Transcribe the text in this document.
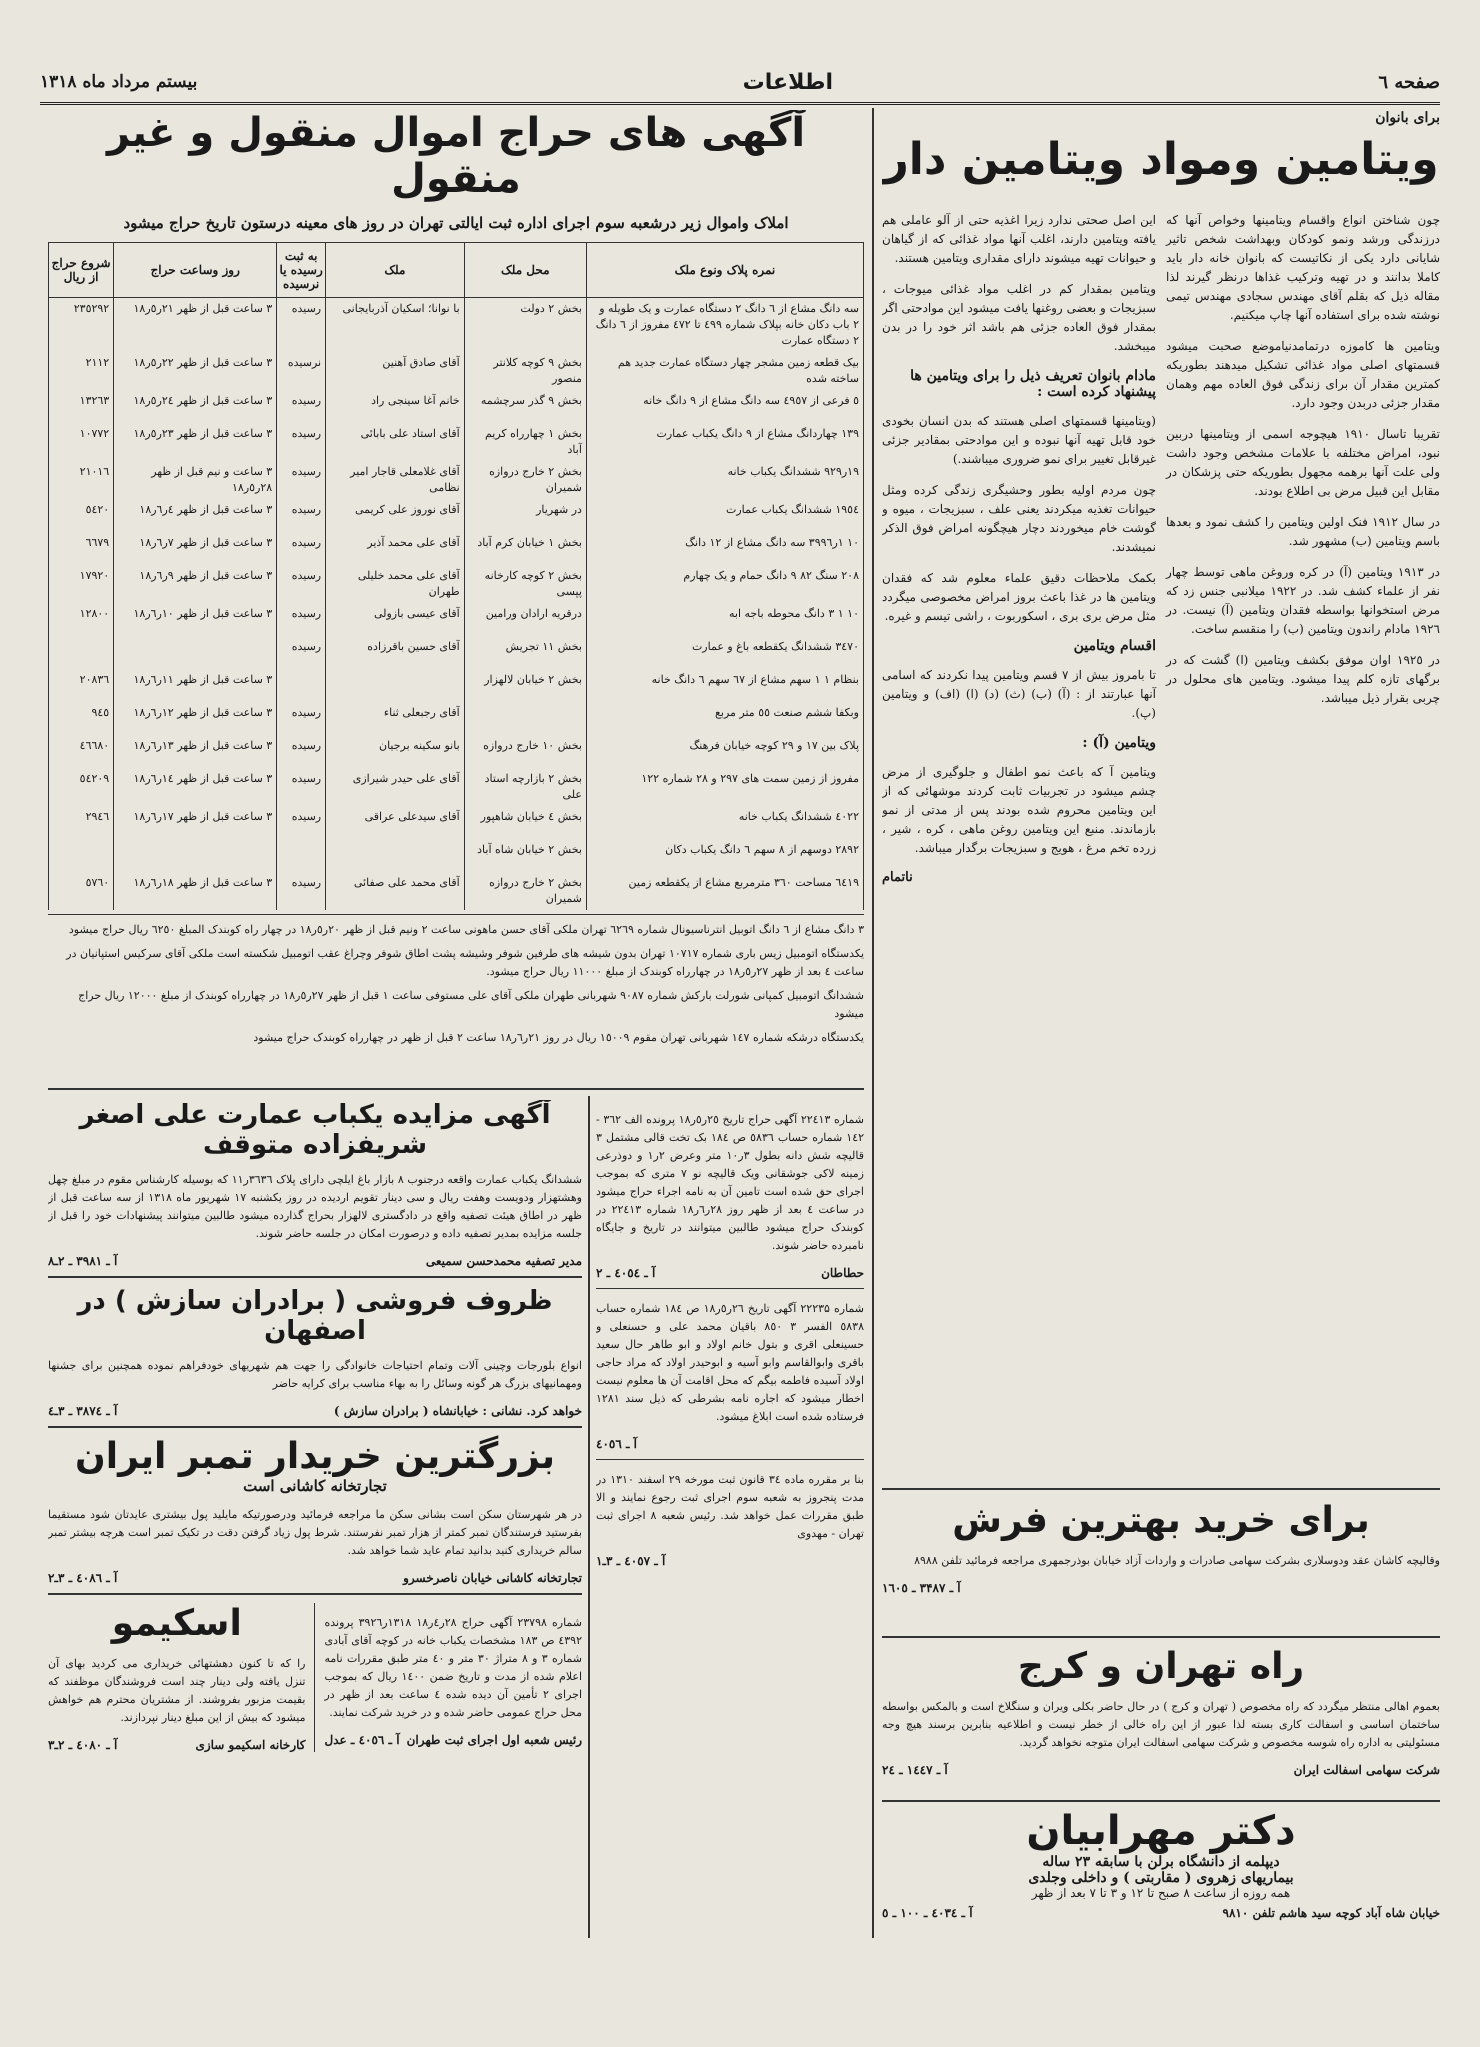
صفحه ٦
اطلاعات
بیستم مرداد ماه ۱۳۱۸
برای بانوان
ویتامین ومواد ویتامین دار

چون شناختن انواع واقسام ویتامینها وخواص آنها که درزندگی ورشد ونمو کودکان وبهداشت شخص تاثیر شایانی دارد یکی از نکاتیست که بانوان خانه دار باید کاملا بدانند و در تهیه وترکیب غذاها درنظر گیرند لذا مقاله ذیل که بقلم آقای مهندس سجادی مهندس تیمی نوشته شده برای استفاده آنها چاپ میکنیم.

ویتامین ها کاموزه درتمامدنیاموضع صحبت میشود قسمتهای اصلی مواد غذائی تشکیل میدهند بطوریکه کمترین مقدار آن برای زندگی فوق العاده مهم وهمان مقدار جزئی دربدن وجود دارد.

تقریبا تاسال ۱۹۱۰ هیچوجه اسمی از ویتامینها دربین نبود، امراض مختلفه با علامات مشخص وجود داشت ولی علت آنها برهمه مجهول بطوریکه حتی پزشکان در مقابل این قبیل مرض بی اطلاع بودند.

در سال ۱۹۱۲ فنک اولین ویتامین را کشف نمود و بعدها باسم ویتامین (ب) مشهور شد.

در ۱۹۱۳ ویتامین (آ) در کره وروغن ماهی توسط چهار نفر از علماء کشف شد. در ۱۹۲۲ میلانبی جنس زد که مرض استخوانها بواسطه فقدان ویتامین (آ) نیست. در ۱۹۲٦ مادام راندون ویتامین (ب) را منقسم ساخت.

در ۱۹۲٥ اوان موفق بکشف ویتامین (ا) گشت که در برگهای تازه کلم پیدا میشود. ویتامین های محلول در چربی بقرار ذیل میباشد.

این اصل صحتی ندارد زیرا اغذیه حتی از آلو عاملی هم یافته ویتامین دارند، اغلب آنها مواد غذائی که از گیاهان و حیوانات تهیه میشوند دارای مقداری ویتامین هستند.

ویتامین بمقدار کم در اغلب مواد غذائی میوجات ، سبزیجات و بعضی روغنها یافت میشود این موادحتی اگر بمقدار فوق العاده جزئی هم باشد اثر خود را در بدن میبخشد.

مادام بانوان تعریف ذیل را برای ویتامین ها پیشنهاد کرده است :

(ویتامینها قسمتهای اصلی هستند که بدن انسان بخودی خود قابل تهیه آنها نبوده و این موادحتی بمقادیر جزئی غیرقابل تغییر برای نمو ضروری میباشند.)

چون مردم اولیه بطور وحشیگری زندگی کرده ومثل حیوانات تغذیه میکردند یعنی علف ، سبزیجات ، میوه و گوشت خام میخوردند دچار هیچگونه امراض فوق الذکر نمیشدند.

بکمک ملاحظات دقیق علماء معلوم شد که فقدان ویتامین ها در غذا باعث بروز امراض مخصوصی میگردد مثل مرض بری بری ، اسکوربوت ، راشی تیسم و غیره.

اقسام ویتامین

تا بامروز بیش از ۷ قسم ویتامین پیدا نکردند که اسامی آنها عبارتند از : (آ) (ب) (ث) (د) (ا) (اف) و ویتامین (پ).

ویتامین (آ) :

ویتامین آ که باعث نمو اطفال و جلوگیری از مرض چشم میشود در تجربیات ثابت کردند موشهائی که از این ویتامین محروم شده بودند پس از مدتی از نمو بازماندند. منبع این ویتامین روغن ماهی ، کره ، شیر ، زرده تخم مرغ ، هویج و سبزیجات برگدار میباشد.

ناتمام
آگهی های حراج اموال منقول و غیر منقول
املاک واموال زیر درشعبه سوم اجرای اداره ثبت ایالتی تهران در روز های معینه درستون تاریخ حراج میشود
نمره پلاک ونوع ملک	محل ملک	ملک	به ثبت رسیده یا نرسیده	روز وساعت حراج	شروع حراج از ریال
سه دانگ مشاع از ٦ دانگ ۲ دستگاه عمارت و یک طویله و ۲ باب دکان خانه بپلاک شماره ٤۹۹ تا ٤۷۲ مفروز از ٦ دانگ ۲ دستگاه عمارت	بخش ۲ دولت	با نوانا؛ اسکیان آذربایجانی	رسیده	۳ ساعت قبل از ظهر ۲۱ر٥ر۱۸	۲۳٥۲۹۲
بیک قطعه زمین مشجر چهار دستگاه عمارت جدید هم ساخته شده	بخش ۹ کوچه کلانتر منصور	آقای صادق آهنین	نرسیده	۳ ساعت قبل از ظهر ۲۲ر٥ر۱۸	۲۱۱۲
٥ فرعی از ٤۹٥۷ سه دانگ مشاع از ۹ دانگ خانه	بخش ۹ گذر سرچشمه	خانم آغا سینجی راد	رسیده	۳ ساعت قبل از ظهر ۲٤ر٥ر۱۸	۱۳۲٦۳
۱۳۹ چهاردانگ مشاع از ۹ دانگ یکباب عمارت	بخش ۱ چهارراه کریم آباد	آقای استاد علی بابائی	رسیده	۳ ساعت قبل از ظهر ۲۳ر٥ر۱۸	۱۰۷۷۲
۱۹ر۹۲۹ ششدانگ یکباب خانه	بخش ۲ خارج دروازه شمیران	آقای غلامعلی قاجار امیر نظامی	رسیده	۳ ساعت و نیم قبل از ظهر ۲۸ر٥ر۱۸	۲۱۰۱٦
۱۹٥٤ ششدانگ یکباب عمارت	در شهریار	آقای نوروز علی کریمی	رسیده	۳ ساعت قبل از ظهر ٤ر٦ر۱۸	٥٤۲۰
۱۰ ۱ر۳۹۹٦ سه دانگ مشاع از ۱۲ دانگ	بخش ۱ خیابان کرم آباد	آقای علی محمد آذیر	رسیده	۳ ساعت قبل از ظهر ۷ر٦ر۱۸	٦٦۷۹
۲۰۸ سنگ ۸۲ ۹ دانگ حمام و یک چهارم	بخش ۲ کوچه کارخانه پپسی	آقای علی محمد خلیلی طهران	رسیده	۳ ساعت قبل از ظهر ۹ر٦ر۱۸	۱۷۹۲۰
۱۰ ۱ ۳ دانگ محوطه باجه ابه	درقریه ارادان ورامین	آقای عیسی بازولی	رسیده	۳ ساعت قبل از ظهر ۱۰ر٦ر۱۸	۱۲۸۰۰
۳٤۷۰ ششدانگ یکقطعه باغ و عمارت	بخش ۱۱ تجریش	آقای حسین باقرزاده	رسیده		
بنظام ۱ ۱ سهم مشاع از ٦۷ سهم ٦ دانگ خانه	بخش ۲ خیابان لالهزار			۳ ساعت قبل از ظهر ۱۱ر٦ر۱۸	۲۰۸۳٦
وبکفا ششم صنعت ٥٥ متر مربع		آقای رجبعلی ثناء	رسیده	۳ ساعت قبل از ظهر ۱۲ر٦ر۱۸	۹٤٥
پلاک بین ۱۷ و ۲۹ کوچه خیابان فرهنگ	بخش ۱۰ خارج دروازه	بانو سکینه برجیان	رسیده	۳ ساعت قبل از ظهر ۱۳ر٦ر۱۸	٤٦٦۸۰
مفروز از زمین سمت های ۲۹۷ و ۲۸ شماره ۱۲۲	بخش ۲ بازارچه استاد علی	آقای علی حیدر شیرازی	رسیده	۳ ساعت قبل از ظهر ۱٤ر٦ر۱۸	٥٤۲۰۹
٤۰۲۲ ششدانگ یکباب خانه	بخش ٤ خیابان شاهپور	آقای سیدعلی عراقی	رسیده	۳ ساعت قبل از ظهر ۱۷ر٦ر۱۸	۲۹٤٦
۲۸۹۲ دوسهم از ۸ سهم ٦ دانگ یکباب دکان	بخش ۲ خیابان شاه آباد				
٦٤۱۹ مساحت ۳٦۰ مترمربع مشاع از یکقطعه زمین	بخش ۲ خارج دروازه شمیران	آقای محمد علی صفائی	رسیده	۳ ساعت قبل از ظهر ۱۸ر٦ر۱۸	٥۷٦۰

۳ دانگ مشاع از ٦ دانگ اتوبیل انترناسیونال شماره ٦۲٦۹ تهران ملکی آقای حسن ماهونی ساعت ۲ ونیم قبل از ظهر ۲۰ر٥ر۱۸ در چهار راه کوبندک المبلغ ٦۲٥۰ ریال حراج میشود

یکدستگاه اتومبیل زیس باری شماره ۱۰۷۱۷ تهران بدون شیشه های طرفین شوفر وشیشه پشت اطاق شوفر وچراغ عقب اتومبیل شکسته است ملکی آقای سرکیس استپانیان در ساعت ٤ بعد از ظهر ۲۷ر٥ر۱۸ در چهارراه کوبندک از مبلغ ۱۱۰۰۰ ریال حراج میشود.

ششدانگ اتومبیل کمپانی شورلت بارکش شماره ۹۰۸۷ شهربانی طهران ملکی آقای علی مستوفی ساعت ۱ قبل از ظهر ۲۷ر٥ر۱۸ در چهارراه کوبندک از مبلغ ۱۲۰۰۰ ریال حراج میشود

یکدستگاه درشکه شماره ۱٤۷ شهربانی تهران مقوم ۱٥۰۰۹ ریال در روز ۲۱ر٦ر۱۸ ساعت ۲ قبل از ظهر در چهارراه کوبندک حراج میشود

شماره ۲۲٤۱۳ آگهی حراج تاریخ ۲٥ر٥ر۱۸ پرونده الف ۳٦۲ - ۱٤۲ شماره حساب ٥۸۳٦ ص ۱۸٤ بک تخت قالی مشتمل ۳ قالیچه شش دانه بطول ۳ر۱۰ متر وعرض ۲ر۱ و دوذرعی زمینه لاکی جوشقانی ویک قالیچه نو ۷ متری که بموجب اجرای حق شده است تامین آن به نامه اجراء حراج میشود در ساعت ٤ بعد از ظهر روز ۲۸ر٦ر۱۸ شماره ۲۲٤۱۳ در کوبندک حراج میشود طالبین میتوانند در تاریخ و جایگاه نامبرده حاضر شوند.

حطاطان
آ ـ ٤۰٥٤ ـ ۲

شماره ۲۲۲۳۵ آگهی تاریخ ۲٦ر٥ر۱۸ ص ۱۸٤ شماره حساب ٥۸۳۸ الفسر ۳ ۸٥۰ باقیان محمد علی و حسنعلی و حسینعلی اقری و بتول خانم اولاد و ابو طاهر حال سعید باقری وابوالقاسم وابو آسیه و ابوحیدر اولاد که مراد حاجی اولاد آسیده فاطمه بیگم که محل اقامت آن ها معلوم نیست اخطار میشود که اجاره نامه بشرطی که ذیل سند ۱۲۸۱ فرستاده شده است ابلاغ میشود.

آ ـ ٤۰٥٦

بنا بر مقرره ماده ۳٤ قانون ثبت مورخه ۲۹ اسفند ۱۳۱۰ در مدت پنجروز به شعبه سوم اجرای ثبت رجوع نمایند و الا طبق مقررات عمل خواهد شد. رئیس شعبه ۸ اجرای ثبت تهران - مهدوی

آ ـ ٤۰٥۷ ـ ۳ـ۱
آگهی مزایده یکباب عمارت علی اصغر شریفزاده متوقف

ششدانگ یکباب عمارت واقعه درجنوب ۸ بازار باغ ایلچی دارای پلاک ۳٦۳٦ر۱۱ که بوسیله کارشناس مقوم در مبلغ چهل وهشتهزار ودویست وهفت ریال و سی دینار تقویم اردیده در روز یکشنبه ۱۷ شهریور ماه ۱۳۱۸ از سه ساعت قبل از ظهر در اطاق هیئت تصفیه واقع در دادگستری لالهزار بحراج گذارده میشود طالبین میتوانند پیشنهادات خود را قبل از جلسه مزایده بمدیر تصفیه داده و درصورت امکان در جلسه حاضر شوند.

مدیر تصفیه محمدحسن سمیعی
آ ـ ۳۹۸۱ ـ ۲ـ۸
ظروف فروشی ( برادران سازش ) در اصفهان

انواع بلورجات وچینی آلات وتمام احتیاجات خانوادگی را جهت هم شهریهای خودفراهم نموده همچنین برای جشنها ومهمانیهای بزرگ هر گونه وسائل را به بهاء مناسب برای کرایه حاضر

خواهد کرد. نشانی : خیابانشاه ( برادران سازش )
آ ـ ۳۸۷٤ ـ ۳ـ٤
بزرگترین خریدار تمبر ایران
تجارتخانه کاشانی است

در هر شهرستان سکن است بشانی سکن ما مراجعه فرمائید ودرصورتیکه مایلید پول بیشتری عایدتان شود مستقیما بفرستید فرستندگان تمبر کمتر از هزار تمبر نفرستند. شرط پول زیاد گرفتن دقت در تکیک تمبر است هرچه بیشتر تمبر سالم خریداری کنید بدانید تمام عاید شما خواهد شد.

تجارتخانه کاشانی خیابان ناصرخسرو
آ ـ ٤۰۸٦ ـ ۳ـ۲

شماره ۲۳۷۹۸ آگهی حراج ۲۸ر٤ر۱۸ ۱۳۱۸ر۳۹۲٦ پرونده ٤۳۹۲ ص ۱۸۳ مشخصات یکباب خانه در کوچه آقای آبادی شماره ۳ و ۸ متراژ ۳۰ متر و ٤۰ متر طبق مقررات نامه اعلام شده از مدت و تاریخ ضمن ۱٤۰۰ ریال که بموجب اجرای ۲ تأمین آن دیده شده ٤ ساعت بعد از ظهر در محل حراج عمومی حاضر شده و در خرید شرکت نمایند.

رئیس شعبه اول اجرای ثبت طهران
آ ـ ٤۰٥٦ ـ عدل
اسکیمو

را که تا کنون دهشتهائی خریداری می کردید بهای آن تنزل یافته ولی دینار چند است فروشندگان موظفند که بقیمت مزبور بفروشند. از مشتریان محترم هم خواهش میشود که بیش از این مبلغ دینار نپردازند.

کارخانه اسکیمو سازی
آ ـ ٤۰۸۰ ـ ۲ـ۳
برای خرید بهترین فرش

وقالیچه کاشان عقد ودوسلاری بشرکت سهامی صادرات و واردات آزاد خیابان بوذرجمهری مراجعه فرمائید تلفن ۸۹۸۸

آ ـ ۳۴۸۷ ـ ۱٦۰٥
راه تهران و کرج

بعموم اهالی منتظر میگردد که راه مخصوص ( تهران و کرج ) در حال حاضر بکلی ویران و سنگلاخ است و بالمکس بواسطه ساختمان اساسی و اسفالت کاری بسته لذا عبور از این راه خالی از خطر نیست و اطلاعیه بنابرین برسند هیچ وجه مسئولیتی به اداره راه شوسه مخصوص و شرکت سهامی اسفالت ایران متوجه نخواهد گردید.

شرکت سهامی اسفالت ایران
آ ـ ۱٤٤۷ ـ ۲٤
دکتر مهرابیان
دیپلمه از دانشگاه برلن با سابقه ۲۳ ساله
بیماریهای زهروی ( مقاربتی ) و داخلی وجلدی
همه روزه از ساعت ۸ صبح تا ۱۲ و ۳ تا ۷ بعد از ظهر
خیابان شاه آباد کوچه سید هاشم تلفن ۹۸۱۰
آ ـ ٤۰۳٤ ـ ۱۰۰ ـ ٥
